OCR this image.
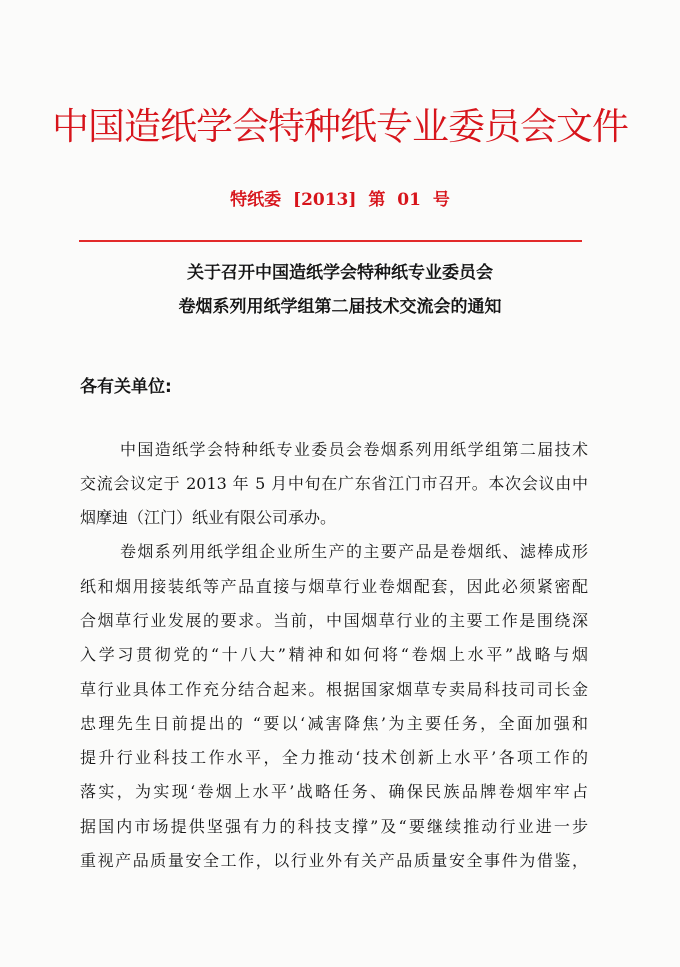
中国造纸学会特种纸专业委员会文件
特纸委 [2013] 第 01 号
关于召开中国造纸学会特种纸专业委员会
卷烟系列用纸学组第二届技术交流会的通知
各有关单位:
中国造纸学会特种纸专业委员会卷烟系列用纸学组第二届技术
交流会议定于 2013 年 5 月中旬在广东省江门市召开。本次会议由中
烟摩迪（江门）纸业有限公司承办。
卷烟系列用纸学组企业所生产的主要产品是卷烟纸、滤棒成形
纸和烟用接装纸等产品直接与烟草行业卷烟配套，因此必须紧密配
合烟草行业发展的要求。当前，中国烟草行业的主要工作是围绕深
入学习贯彻党的“十八大”精神和如何将“卷烟上水平”战略与烟
草行业具体工作充分结合起来。根据国家烟草专卖局科技司司长金
忠理先生日前提出的 “要以‘减害降焦’为主要任务，全面加强和
提升行业科技工作水平，全力推动‘技术创新上水平’各项工作的
落实，为实现‘卷烟上水平’战略任务、确保民族品牌卷烟牢牢占
据国内市场提供坚强有力的科技支撑”及“要继续推动行业进一步
重视产品质量安全工作，以行业外有关产品质量安全事件为借鉴，
